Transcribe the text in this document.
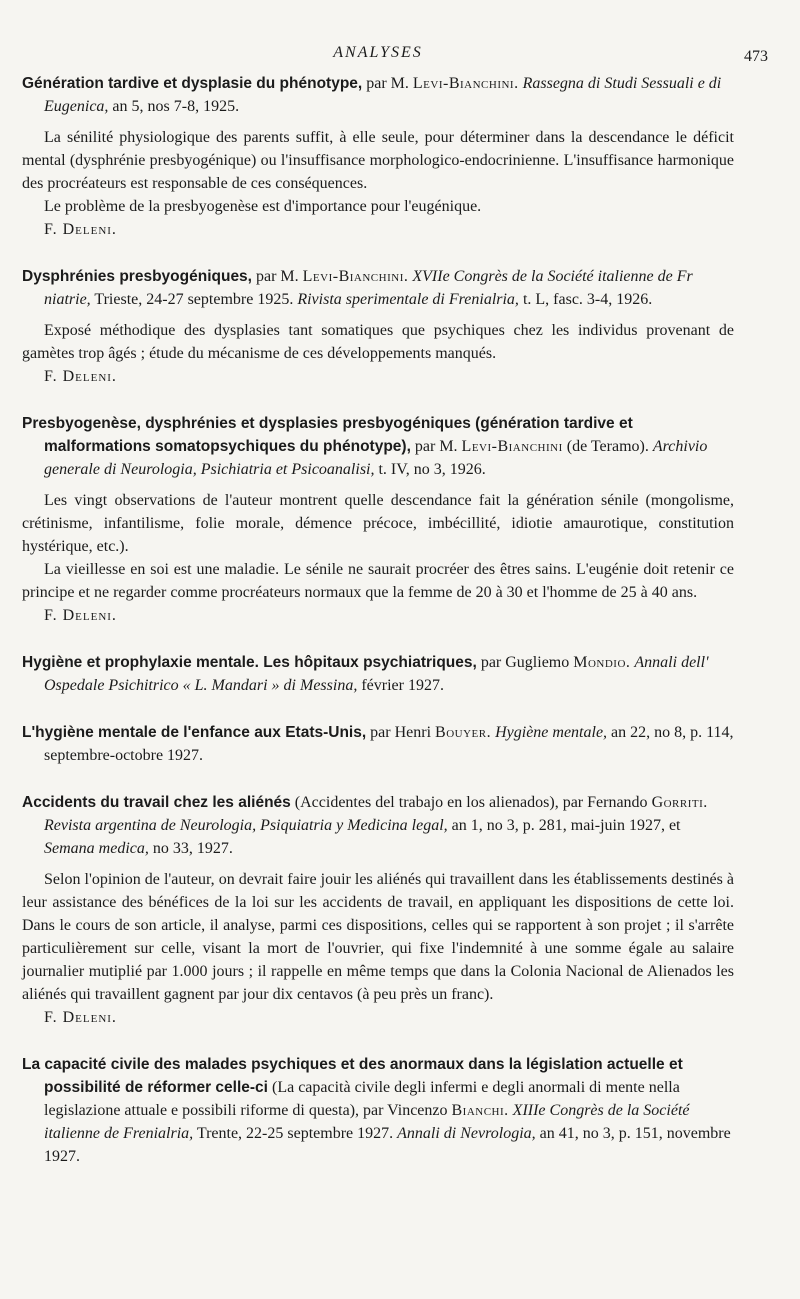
ANALYSES	473

Génération tardive et dysplasie du phénotype, par M. Levi-Bianchini. Rassegna di Studi Sessuali e di Eugenica, an 5, nos 7-8, 1925.

La sénilité physiologique des parents suffit, à elle seule, pour déterminer dans la descendance le déficit mental (dysphrénie presbyogénique) ou l'insuffisance morphologico-endocrinienne. L'insuffisance harmonique des procréateurs est responsable de ces conséquences.

Le problème de la presbyogenèse est d'importance pour l'eugénique.

F. Deleni.

Dysphrénies presbyogéniques, par M. Levi-Bianchini. XVIIe Congrès de la Société italienne de Fr niatrie, Trieste, 24-27 septembre 1925. Rivista sperimentale di Frenialria, t. L, fasc. 3-4, 1926.

Exposé méthodique des dysplasies tant somatiques que psychiques chez les individus provenant de gamètes trop âgés ; étude du mécanisme de ces développements manqués.

F. Deleni.

Presbyogenèse, dysphrénies et dysplasies presbyogéniques (génération tardive et malformations somatopsychiques du phénotype), par M. Levi-Bianchini (de Teramo). Archivio generale di Neurologia, Psichiatria et Psicoanalisi, t. IV, no 3, 1926.

Les vingt observations de l'auteur montrent quelle descendance fait la génération sénile (mongolisme, crétinisme, infantilisme, folie morale, démence précoce, imbécillité, idiotie amaurotique, constitution hystérique, etc.).

La vieillesse en soi est une maladie. Le sénile ne saurait procréer des êtres sains. L'eugénie doit retenir ce principe et ne regarder comme procréateurs normaux que la femme de 20 à 30 et l'homme de 25 à 40 ans.

F. Deleni.

Hygiène et prophylaxie mentale. Les hôpitaux psychiatriques, par Gugliemo Mondio. Annali dell' Ospedale Psichitrico « L. Mandari » di Messina, février 1927.

L'hygiène mentale de l'enfance aux Etats-Unis, par Henri Bouyer. Hygiène mentale, an 22, no 8, p. 114, septembre-octobre 1927.

Accidents du travail chez les aliénés (Accidentes del trabajo en los alienados), par Fernando Gorriti. Revista argentina de Neurologia, Psiquiatria y Medicina legal, an 1, no 3, p. 281, mai-juin 1927, et Semana medica, no 33, 1927.

Selon l'opinion de l'auteur, on devrait faire jouir les aliénés qui travaillent dans les établissements destinés à leur assistance des bénéfices de la loi sur les accidents de travail, en appliquant les dispositions de cette loi. Dans le cours de son article, il analyse, parmi ces dispositions, celles qui se rapportent à son projet ; il s'arrête particulièrement sur celle, visant la mort de l'ouvrier, qui fixe l'indemnité à une somme égale au salaire journalier mutiplié par 1.000 jours ; il rappelle en même temps que dans la Colonia Nacional de Alienados les aliénés qui travaillent gagnent par jour dix centavos (à peu près un franc).

F. Deleni.

La capacité civile des malades psychiques et des anormaux dans la législation actuelle et possibilité de réformer celle-ci (La capacità civile degli infermi e degli anormali di mente nella legislazione attuale e possibili riforme di questa), par Vincenzo Bianchi. XIIIe Congrès de la Société italienne de Frenialria, Trente, 22-25 septembre 1927. Annali di Nevrologia, an 41, no 3, p. 151, novembre 1927.
